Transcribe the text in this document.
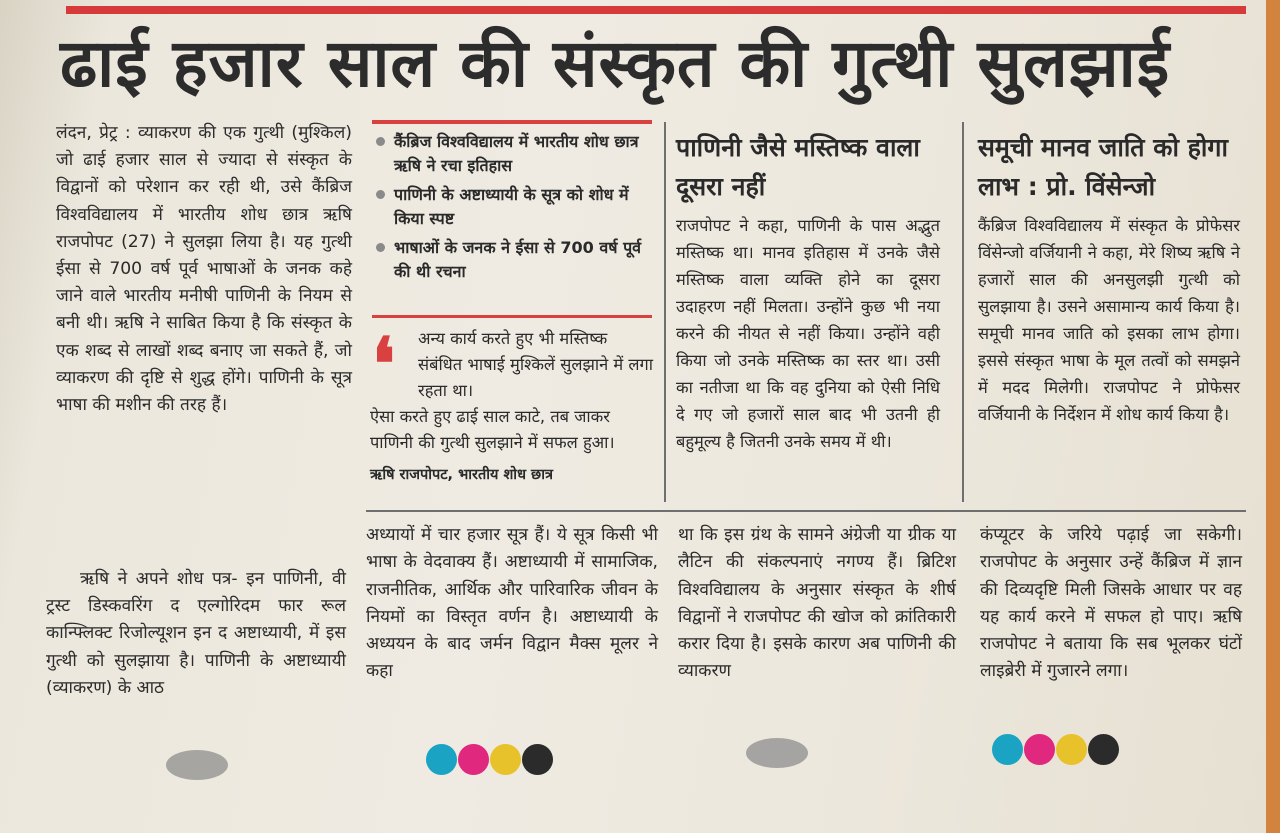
ढाई हजार साल की संस्कृत की गुत्थी सुलझाई

लंदन, प्रेट्र : व्याकरण की एक गुत्थी (मुश्किल) जो ढाई हजार साल से ज्यादा से संस्कृत के विद्वानों को परेशान कर रही थी, उसे कैंब्रिज विश्वविद्यालय में भारतीय शोध छात्र ऋषि राजपोपट (27) ने सुलझा लिया है। यह गुत्थी ईसा से 700 वर्ष पूर्व भाषाओं के जनक कहे जाने वाले भारतीय मनीषी पाणिनी के नियम से बनी थी। ऋषि ने साबित किया है कि संस्कृत के एक शब्द से लाखों शब्द बनाए जा सकते हैं, जो व्याकरण की दृष्टि से शुद्ध होंगे। पाणिनी के सूत्र भाषा की मशीन की तरह हैं।

ऋषि ने अपने शोध पत्र- इन पाणिनी, वी ट्रस्ट डिस्कवरिंग द एल्गोरिदम फार रूल कान्फ्लिक्ट रिजोल्यूशन इन द अष्टाध्यायी, में इस गुत्थी को सुलझाया है। पाणिनी के अष्टाध्यायी (व्याकरण) के आठ

कैंब्रिज विश्वविद्यालय में भारतीय शोध छात्र ऋषि ने रचा इतिहास
पाणिनी के अष्टाध्यायी के सूत्र को शोध में किया स्पष्ट
भाषाओं के जनक ने ईसा से 700 वर्ष पूर्व की थी रचना
❛	अन्य कार्य करते हुए भी मस्तिष्क संबंधित भाषाई मुश्किलें सुलझाने में लगा रहता था।

ऐसा करते हुए ढाई साल काटे, तब जाकर पाणिनी की गुत्थी सुलझाने में सफल हुआ।

ऋषि राजपोपट, भारतीय शोध छात्र
पाणिनी जैसे मस्तिष्क वाला दूसरा नहीं
राजपोपट ने कहा, पाणिनी के पास अद्भुत मस्तिष्क था। मानव इतिहास में उनके जैसे मस्तिष्क वाला व्यक्ति होने का दूसरा उदाहरण नहीं मिलता। उन्होंने कुछ भी नया करने की नीयत से नहीं किया। उन्होंने वही किया जो उनके मस्तिष्क का स्तर था। उसी का नतीजा था कि वह दुनिया को ऐसी निधि दे गए जो हजारों साल बाद भी उतनी ही बहुमूल्य है जितनी उनके समय में थी।
समूची मानव जाति को होगा लाभ : प्रो. विंसेन्जो
कैंब्रिज विश्वविद्यालय में संस्कृत के प्रोफेसर विंसेन्जो वर्जियानी ने कहा, मेरे शिष्य ऋषि ने हजारों साल की अनसुलझी गुत्थी को सुलझाया है। उसने असामान्य कार्य किया है। समूची मानव जाति को इसका लाभ होगा। इससे संस्कृत भाषा के मूल तत्वों को समझने में मदद मिलेगी। राजपोपट ने प्रोफेसर वर्जियानी के निर्देशन में शोध कार्य किया है।
अध्यायों में चार हजार सूत्र हैं। ये सूत्र किसी भी भाषा के वेदवाक्य हैं। अष्टाध्यायी में सामाजिक, राजनीतिक, आर्थिक और पारिवारिक जीवन के नियमों का विस्तृत वर्णन है। अष्टाध्यायी के अध्ययन के बाद जर्मन विद्वान मैक्स मूलर ने कहा
था कि इस ग्रंथ के सामने अंग्रेजी या ग्रीक या लैटिन की संकल्पनाएं नगण्य हैं। ब्रिटिश विश्वविद्यालय के अनुसार संस्कृत के शीर्ष विद्वानों ने राजपोपट की खोज को क्रांतिकारी करार दिया है। इसके कारण अब पाणिनी की व्याकरण
कंप्यूटर के जरिये पढ़ाई जा सकेगी। राजपोपट के अनुसार उन्हें कैंब्रिज में ज्ञान की दिव्यदृष्टि मिली जिसके आधार पर वह यह कार्य करने में सफल हो पाए। ऋषि राजपोपट ने बताया कि सब भूलकर घंटों लाइब्रेरी में गुजारने लगा।
